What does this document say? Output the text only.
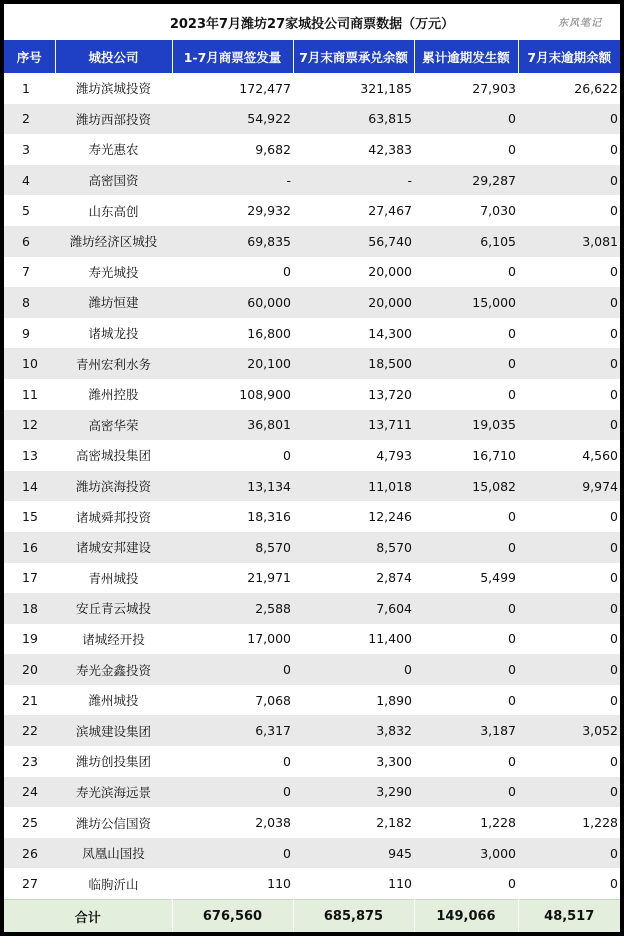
2023年7月潍坊27家城投公司商票数据（万元）	东风笔记
序号	城投公司	1-7月商票签发量	7月末商票承兑余额	累计逾期发生额	7月末逾期余额
1	潍坊滨城投资	172,477	321,185	27,903	26,622
2	潍坊西部投资	54,922	63,815	0	0
3	寿光惠农	9,682	42,383	0	0
4	高密国资	-	-	29,287	0
5	山东高创	29,932	27,467	7,030	0
6	潍坊经济区城投	69,835	56,740	6,105	3,081
7	寿光城投	0	20,000	0	0
8	潍坊恒建	60,000	20,000	15,000	0
9	诸城龙投	16,800	14,300	0	0
10	青州宏利水务	20,100	18,500	0	0
11	潍州控股	108,900	13,720	0	0
12	高密华荣	36,801	13,711	19,035	0
13	高密城投集团	0	4,793	16,710	4,560
14	潍坊滨海投资	13,134	11,018	15,082	9,974
15	诸城舜邦投资	18,316	12,246	0	0
16	诸城安邦建设	8,570	8,570	0	0
17	青州城投	21,971	2,874	5,499	0
18	安丘青云城投	2,588	7,604	0	0
19	诸城经开投	17,000	11,400	0	0
20	寿光金鑫投资	0	0	0	0
21	潍州城投	7,068	1,890	0	0
22	滨城建设集团	6,317	3,832	3,187	3,052
23	潍坊创投集团	0	3,300	0	0
24	寿光滨海远景	0	3,290	0	0
25	潍坊公信国资	2,038	2,182	1,228	1,228
26	凤凰山国投	0	945	3,000	0
27	临朐沂山	110	110	0	0
合计		676,560	685,875	149,066	48,517
